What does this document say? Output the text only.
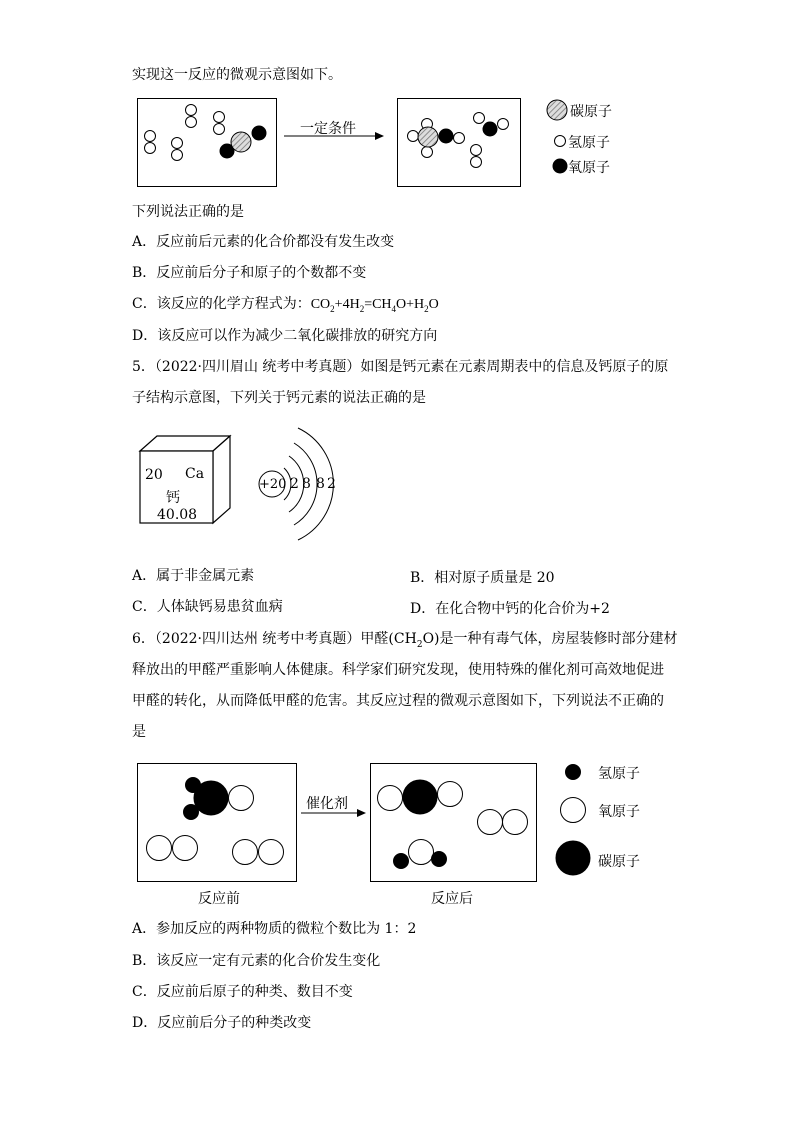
实现这一反应的微观示意图如下。
一定条件
碳原子
氢原子
氧原子
下列说法正确的是
A．反应前后元素的化合价都没有发生改变
B．反应前后分子和原子的个数都不变
C．该反应的化学方程式为：$CO_2+4H_2=CH_4O+H_2O$
D．该反应可以作为减少二氧化碳排放的研究方向
5．（2022·四川眉山 统考中考真题）如图是钙元素在元素周期表中的信息及钙原子的原
子结构示意图，下列关于钙元素的说法正确的是
20 Ca
钙
40.08
+20 2 8 8 2
A．属于非金属元素	B．相对原子质量是 20
C．人体缺钙易患贫血病	D．在化合物中钙的化合价为+2
6．（2022·四川达州 统考中考真题）甲醛$(CH_2O)$是一种有毒气体，房屋装修时部分建材
释放出的甲醛严重影响人体健康。科学家们研究发现，使用特殊的催化剂可高效地促进
甲醛的转化，从而降低甲醛的危害。其反应过程的微观示意图如下，下列说法不正确的
是
催化剂
反应前	反应后
氢原子
氧原子
碳原子
A．参加反应的两种物质的微粒个数比为 1：2
B．该反应一定有元素的化合价发生变化
C．反应前后原子的种类、数目不变
D．反应前后分子的种类改变
